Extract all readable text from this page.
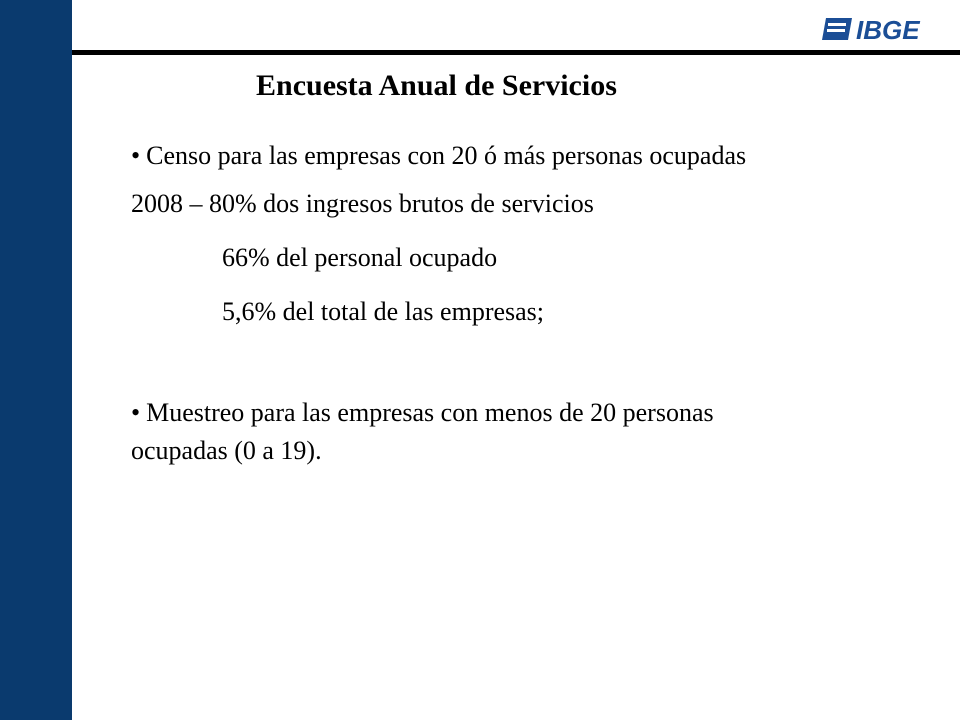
IBGE
Encuesta Anual de Servicios
• Censo para las empresas con 20 ó más personas ocupadas
2008 – 80% dos ingresos brutos de servicios
66% del personal ocupado
5,6% del total de las empresas;
• Muestreo para las empresas con menos de 20 personas
ocupadas (0 a 19).
